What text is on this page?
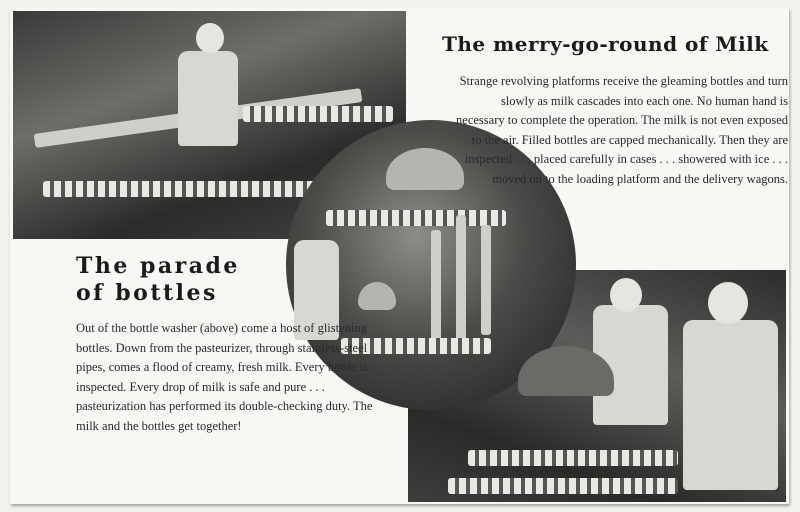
The merry-go-round of Milk

Strange revolving platforms receive the gleaming bottles and turn slowly as milk cascades into each one. No human hand is necessary to complete the operation. The milk is not even exposed to the air. Filled bottles are capped mechanically. Then they are inspected . . . placed carefully in cases . . . showered with ice . . . moved on to the loading platform and the delivery wagons.

The parade
of bottles

Out of the bottle washer (above) come a host of glistening bottles. Down from the pasteurizer, through stainless-steel pipes, comes a flood of creamy, fresh milk. Every bottle is inspected. Every drop of milk is safe and pure . . . pasteurization has performed its double-checking duty. The milk and the bottles get together!
